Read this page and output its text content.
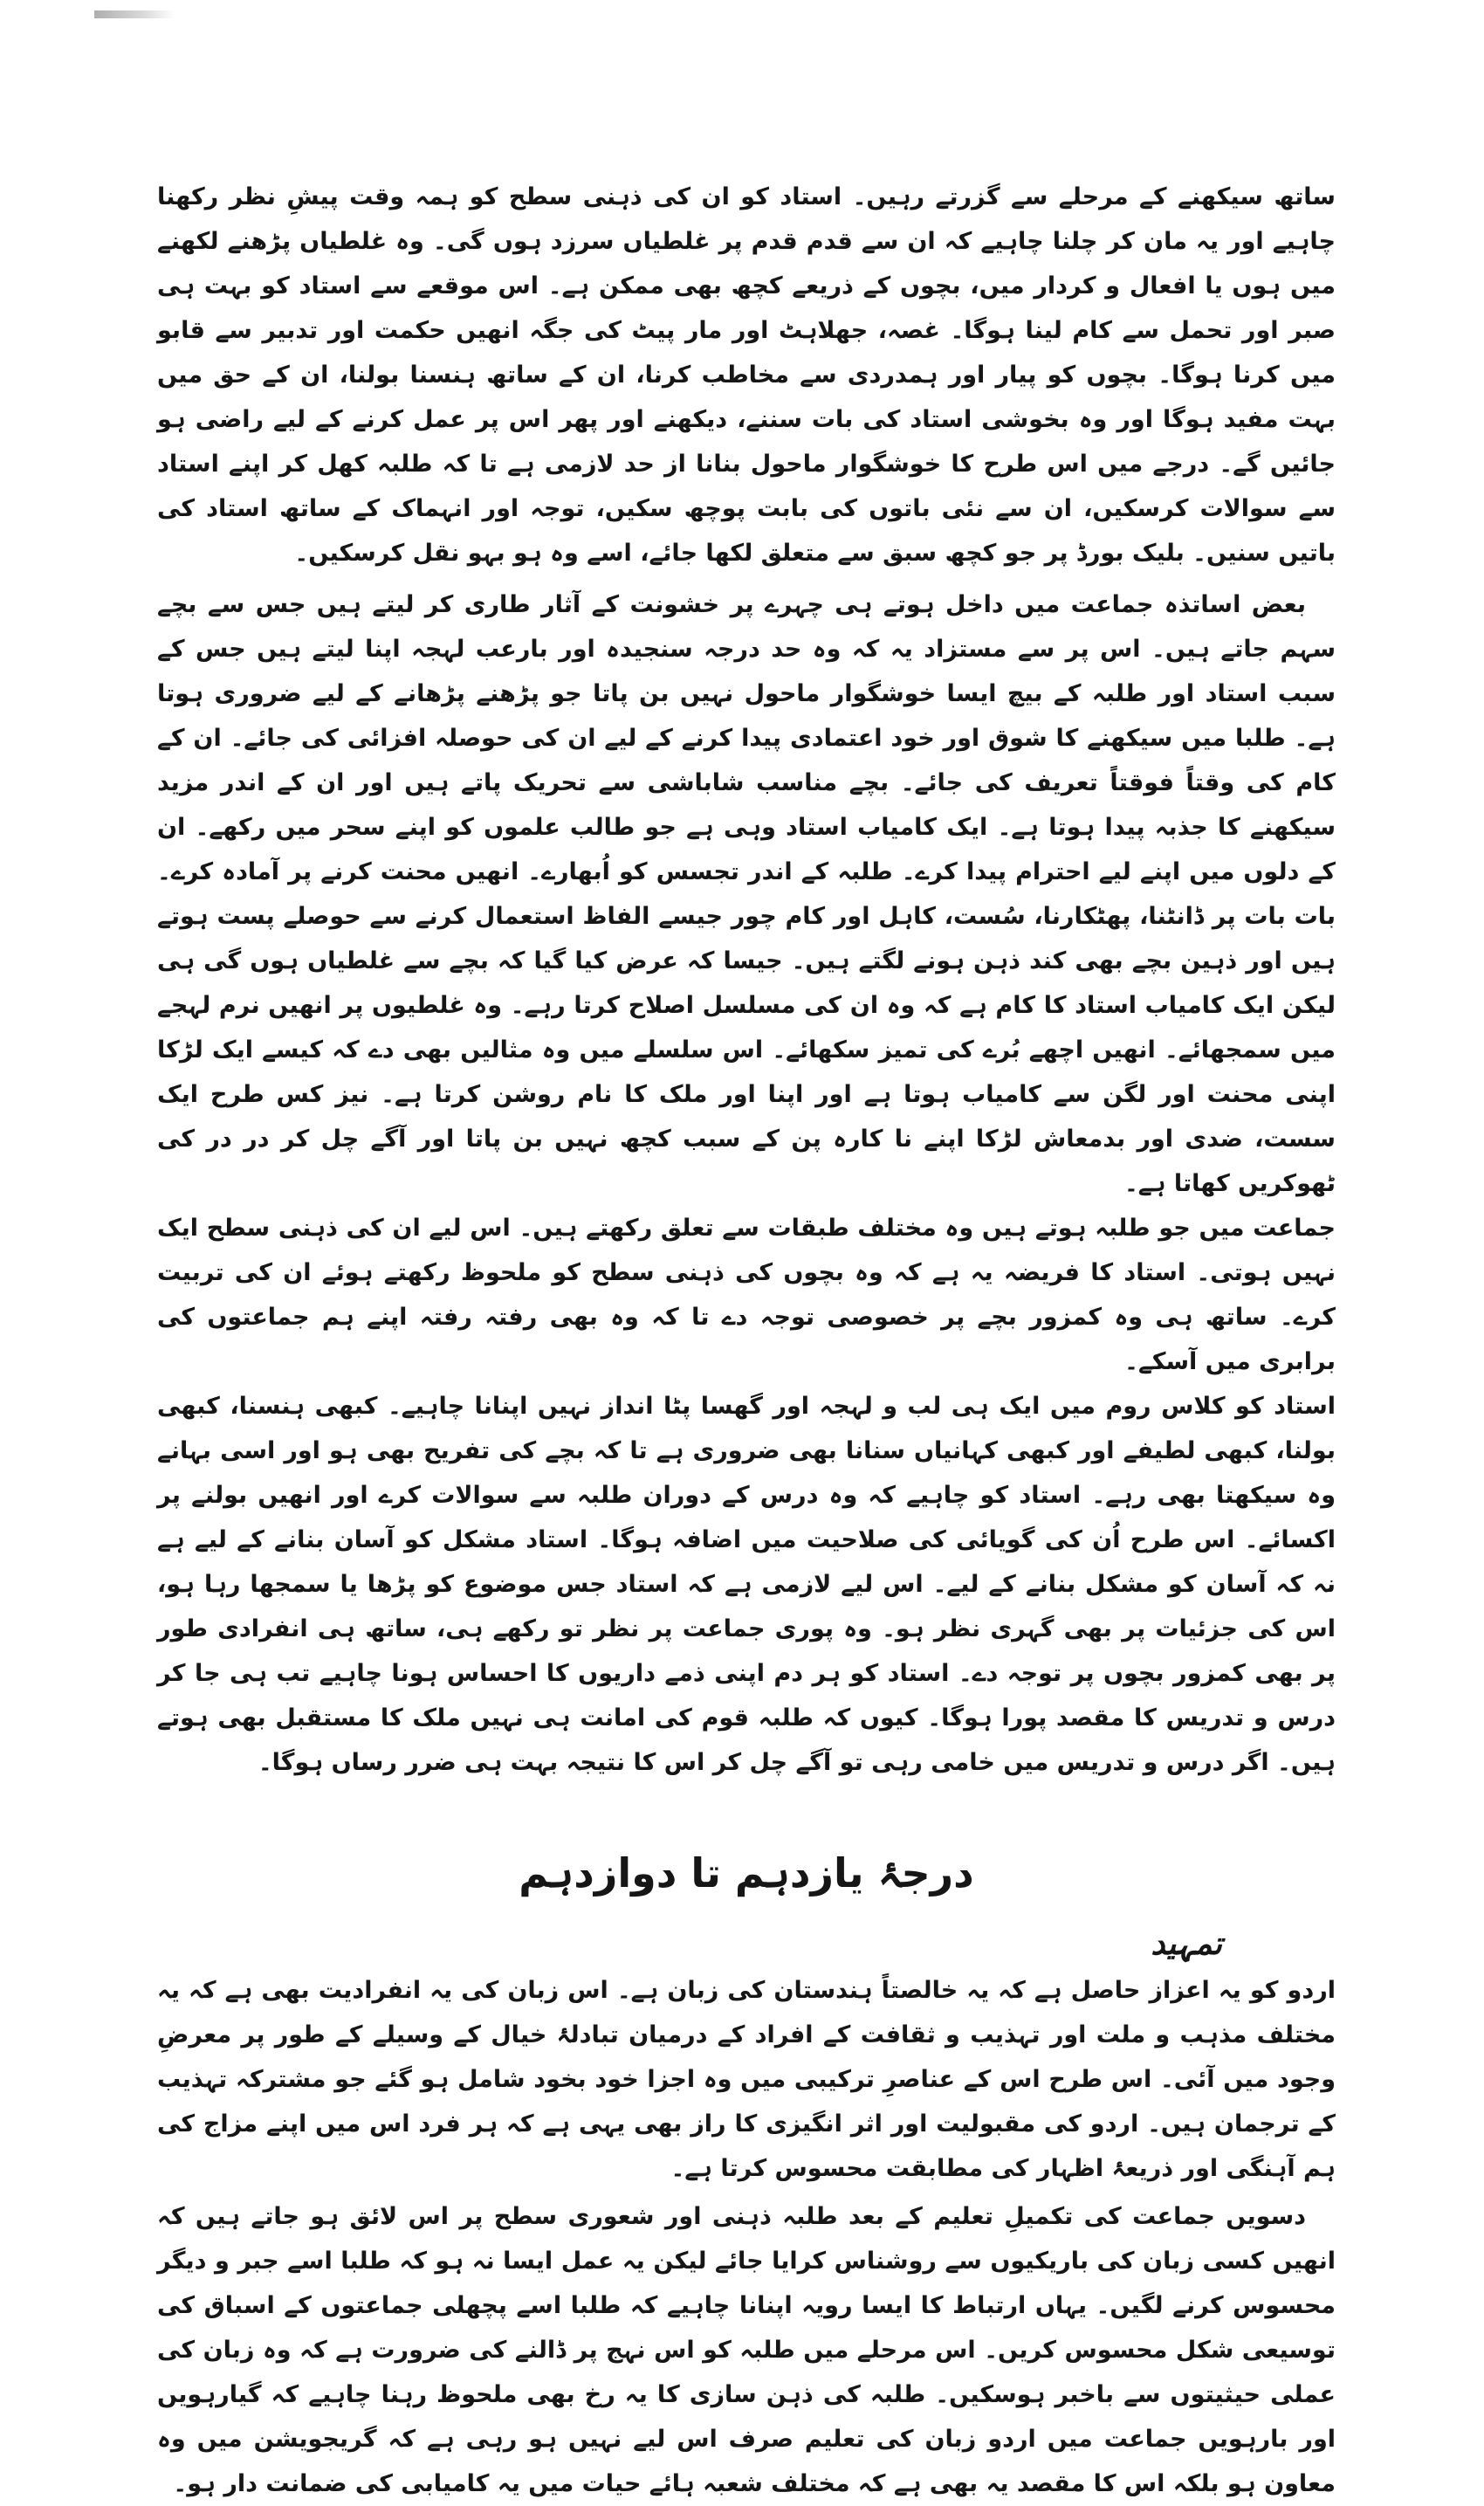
ساتھ سیکھنے کے مرحلے سے گزرتے رہیں۔ استاد کو ان کی ذہنی سطح کو ہمہ وقت پیشِ نظر رکھنا چاہیے اور یہ مان کر چلنا چاہیے کہ ان سے قدم قدم پر غلطیاں سرزد ہوں گی۔ وہ غلطیاں پڑھنے لکھنے میں ہوں یا افعال و کردار میں، بچوں کے ذریعے کچھ بھی ممکن ہے۔ اس موقعے سے استاد کو بہت ہی صبر اور تحمل سے کام لینا ہوگا۔ غصہ، جھلاہٹ اور مار پیٹ کی جگہ انھیں حکمت اور تدبیر سے قابو میں کرنا ہوگا۔ بچوں کو پیار اور ہمدردی سے مخاطب کرنا، ان کے ساتھ ہنسنا بولنا، ان کے حق میں بہت مفید ہوگا اور وہ بخوشی استاد کی بات سننے، دیکھنے اور پھر اس پر عمل کرنے کے لیے راضی ہو جائیں گے۔ درجے میں اس طرح کا خوشگوار ماحول بنانا از حد لازمی ہے تا کہ طلبہ کھل کر اپنے استاد سے سوالات کرسکیں، ان سے نئی باتوں کی بابت پوچھ سکیں، توجہ اور انہماک کے ساتھ استاد کی باتیں سنیں۔ بلیک بورڈ پر جو کچھ سبق سے متعلق لکھا جائے، اسے وہ ہو بہو نقل کرسکیں۔

بعض اساتذہ جماعت میں داخل ہوتے ہی چہرے پر خشونت کے آثار طاری کر لیتے ہیں جس سے بچے سہم جاتے ہیں۔ اس پر سے مستزاد یہ کہ وہ حد درجہ سنجیدہ اور بارعب لہجہ اپنا لیتے ہیں جس کے سبب استاد اور طلبہ کے بیچ ایسا خوشگوار ماحول نہیں بن پاتا جو پڑھنے پڑھانے کے لیے ضروری ہوتا ہے۔ طلبا میں سیکھنے کا شوق اور خود اعتمادی پیدا کرنے کے لیے ان کی حوصلہ افزائی کی جائے۔ ان کے کام کی وقتاً فوقتاً تعریف کی جائے۔ بچے مناسب شاباشی سے تحریک پاتے ہیں اور ان کے اندر مزید سیکھنے کا جذبہ پیدا ہوتا ہے۔ ایک کامیاب استاد وہی ہے جو طالب علموں کو اپنے سحر میں رکھے۔ ان کے دلوں میں اپنے لیے احترام پیدا کرے۔ طلبہ کے اندر تجسس کو اُبھارے۔ انھیں محنت کرنے پر آمادہ کرے۔ بات بات پر ڈانٹنا، پھٹکارنا، سُست، کاہل اور کام چور جیسے الفاظ استعمال کرنے سے حوصلے پست ہوتے ہیں اور ذہین بچے بھی کند ذہن ہونے لگتے ہیں۔ جیسا کہ عرض کیا گیا کہ بچے سے غلطیاں ہوں گی ہی لیکن ایک کامیاب استاد کا کام ہے کہ وہ ان کی مسلسل اصلاح کرتا رہے۔ وہ غلطیوں پر انھیں نرم لہجے میں سمجھائے۔ انھیں اچھے بُرے کی تمیز سکھائے۔ اس سلسلے میں وہ مثالیں بھی دے کہ کیسے ایک لڑکا اپنی محنت اور لگن سے کامیاب ہوتا ہے اور اپنا اور ملک کا نام روشن کرتا ہے۔ نیز کس طرح ایک سست، ضدی اور بدمعاش لڑکا اپنے نا کارہ پن کے سبب کچھ نہیں بن پاتا اور آگے چل کر در در کی ٹھوکریں کھاتا ہے۔

جماعت میں جو طلبہ ہوتے ہیں وہ مختلف طبقات سے تعلق رکھتے ہیں۔ اس لیے ان کی ذہنی سطح ایک نہیں ہوتی۔ استاد کا فریضہ یہ ہے کہ وہ بچوں کی ذہنی سطح کو ملحوظ رکھتے ہوئے ان کی تربیت کرے۔ ساتھ ہی وہ کمزور بچے پر خصوصی توجہ دے تا کہ وہ بھی رفتہ رفتہ اپنے ہم جماعتوں کی برابری میں آسکے۔

استاد کو کلاس روم میں ایک ہی لب و لہجہ اور گھسا پٹا انداز نہیں اپنانا چاہیے۔ کبھی ہنسنا، کبھی بولنا، کبھی لطیفے اور کبھی کہانیاں سنانا بھی ضروری ہے تا کہ بچے کی تفریح بھی ہو اور اسی بہانے وہ سیکھتا بھی رہے۔ استاد کو چاہیے کہ وہ درس کے دوران طلبہ سے سوالات کرے اور انھیں بولنے پر اکسائے۔ اس طرح اُن کی گویائی کی صلاحیت میں اضافہ ہوگا۔ استاد مشکل کو آسان بنانے کے لیے ہے نہ کہ آسان کو مشکل بنانے کے لیے۔ اس لیے لازمی ہے کہ استاد جس موضوع کو پڑھا یا سمجھا رہا ہو، اس کی جزئیات پر بھی گہری نظر ہو۔ وہ پوری جماعت پر نظر تو رکھے ہی، ساتھ ہی انفرادی طور پر بھی کمزور بچوں پر توجہ دے۔ استاد کو ہر دم اپنی ذمے داریوں کا احساس ہونا چاہیے تب ہی جا کر درس و تدریس کا مقصد پورا ہوگا۔ کیوں کہ طلبہ قوم کی امانت ہی نہیں ملک کا مستقبل بھی ہوتے ہیں۔ اگر درس و تدریس میں خامی رہی تو آگے چل کر اس کا نتیجہ بہت ہی ضرر رساں ہوگا۔

درجۂ یازدہم تا دوازدہم
تمہید

اردو کو یہ اعزاز حاصل ہے کہ یہ خالصتاً ہندستان کی زبان ہے۔ اس زبان کی یہ انفرادیت بھی ہے کہ یہ مختلف مذہب و ملت اور تہذیب و ثقافت کے افراد کے درمیان تبادلۂ خیال کے وسیلے کے طور پر معرضِ وجود میں آئی۔ اس طرح اس کے عناصرِ ترکیبی میں وہ اجزا خود بخود شامل ہو گئے جو مشترکہ تہذیب کے ترجمان ہیں۔ اردو کی مقبولیت اور اثر انگیزی کا راز بھی یہی ہے کہ ہر فرد اس میں اپنے مزاج کی ہم آہنگی اور ذریعۂ اظہار کی مطابقت محسوس کرتا ہے۔

دسویں جماعت کی تکمیلِ تعلیم کے بعد طلبہ ذہنی اور شعوری سطح پر اس لائق ہو جاتے ہیں کہ انھیں کسی زبان کی باریکیوں سے روشناس کرایا جائے لیکن یہ عمل ایسا نہ ہو کہ طلبا اسے جبر و دیگر محسوس کرنے لگیں۔ یہاں ارتباط کا ایسا رویہ اپنانا چاہیے کہ طلبا اسے پچھلی جماعتوں کے اسباق کی توسیعی شکل محسوس کریں۔ اس مرحلے میں طلبہ کو اس نہج پر ڈالنے کی ضرورت ہے کہ وہ زبان کی عملی حیثیتوں سے باخبر ہوسکیں۔ طلبہ کی ذہن سازی کا یہ رخ بھی ملحوظ رہنا چاہیے کہ گیارہویں اور بارہویں جماعت میں اردو زبان کی تعلیم صرف اس لیے نہیں ہو رہی ہے کہ گریجویشن میں وہ معاون ہو بلکہ اس کا مقصد یہ بھی ہے کہ مختلف شعبہ ہائے حیات میں یہ کامیابی کی ضمانت دار ہو۔
